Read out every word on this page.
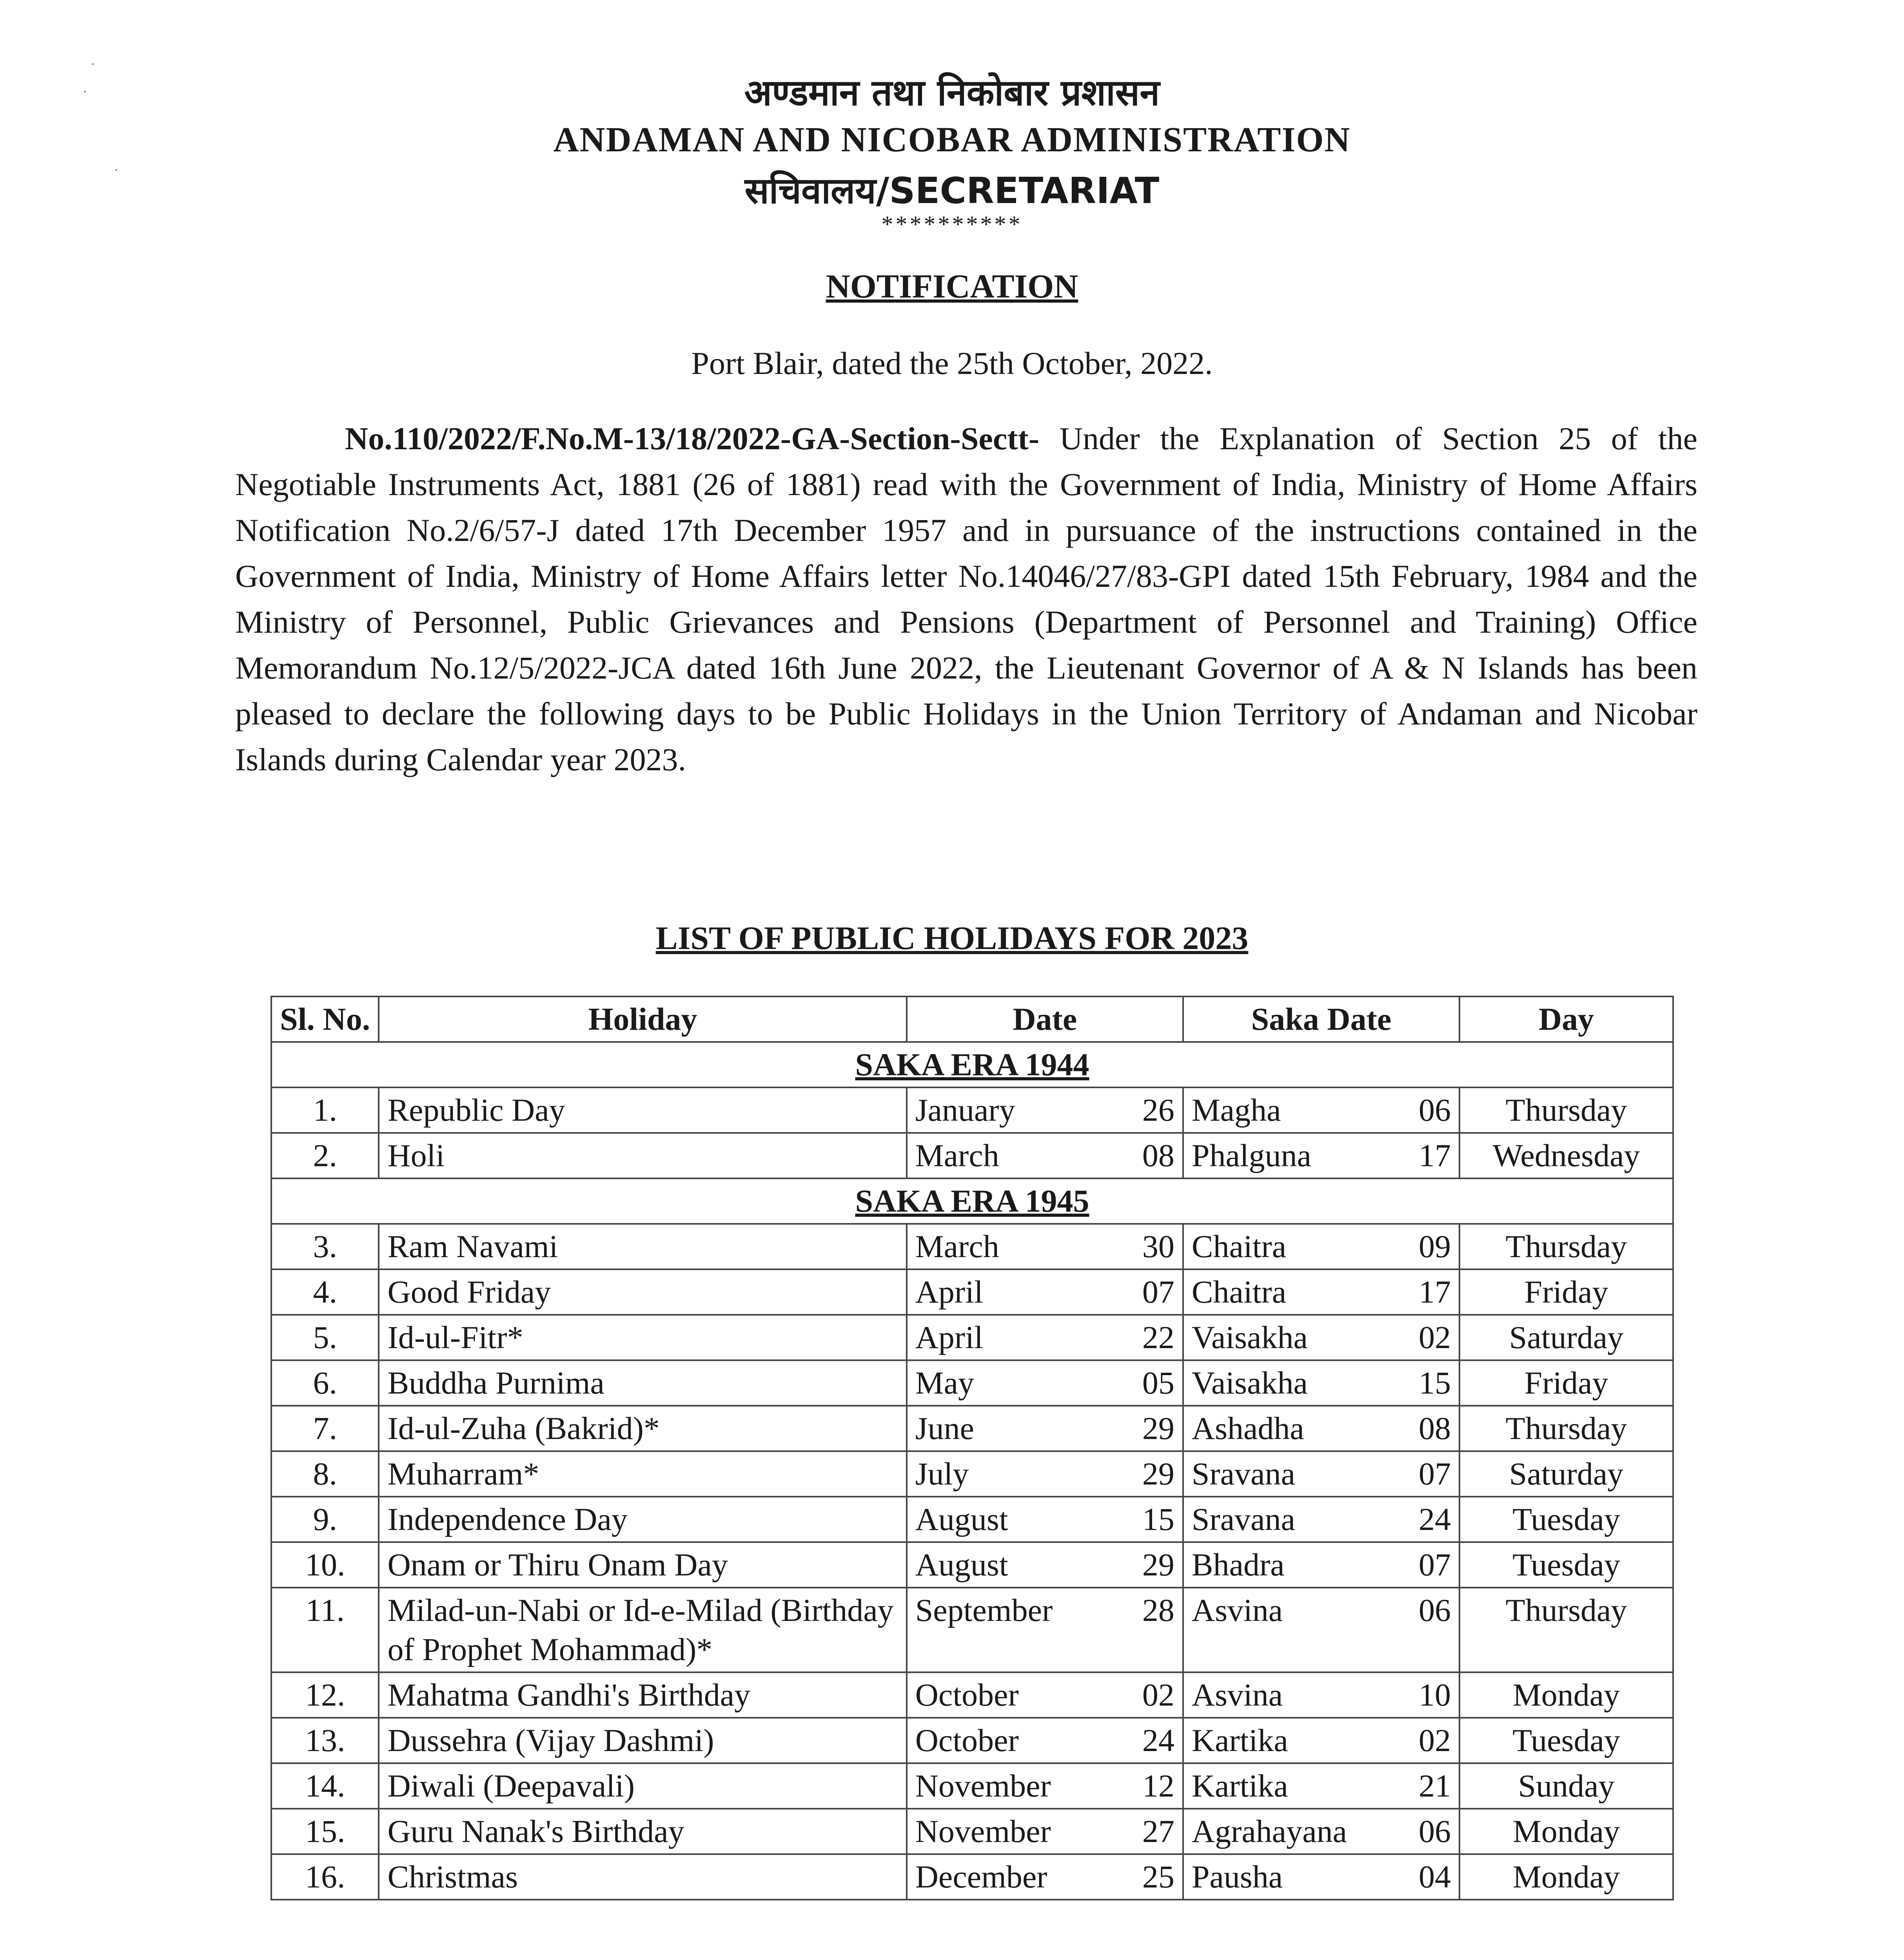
·
·
·
अण्डमान तथा निकोबार प्रशासन
ANDAMAN AND NICOBAR ADMINISTRATION
सचिवालय/SECRETARIAT
**********
NOTIFICATION
Port Blair, dated the 25th October, 2022.
No.110/2022/F.No.M-13/18/2022-GA-Section-Sectt- Under the Explanation of Section 25 of the Negotiable Instruments Act, 1881 (26 of 1881) read with the Government of India, Ministry of Home Affairs Notification No.2/6/57-J dated 17th December 1957 and in pursuance of the instructions contained in the Government of India, Ministry of Home Affairs letter No.14046/27/83-GPI dated 15th February, 1984 and the Ministry of Personnel, Public Grievances and Pensions (Department of Personnel and Training) Office Memorandum No.12/5/2022-JCA dated 16th June 2022, the Lieutenant Governor of A & N Islands has been pleased to declare the following days to be Public Holidays in the Union Territory of Andaman and Nicobar Islands during Calendar year 2023.
LIST OF PUBLIC HOLIDAYS FOR 2023
Sl. No.	Holiday	Date	Saka Date	Day
SAKA ERA 1944				
1.	Republic Day	January 26	Magha 06	Thursday
2.	Holi	March 08	Phalguna 17	Wednesday
SAKA ERA 1945				
3.	Ram Navami	March 30	Chaitra 09	Thursday
4.	Good Friday	April 07	Chaitra 17	Friday
5.	Id-ul-Fitr*	April 22	Vaisakha 02	Saturday
6.	Buddha Purnima	May 05	Vaisakha 15	Friday
7.	Id-ul-Zuha (Bakrid)*	June 29	Ashadha 08	Thursday
8.	Muharram*	July 29	Sravana 07	Saturday
9.	Independence Day	August 15	Sravana 24	Tuesday
10.	Onam or Thiru Onam Day	August 29	Bhadra 07	Tuesday
11.	Milad-un-Nabi or Id-e-Milad (Birthday of Prophet Mohammad)*	September 28	Asvina 06	Thursday
12.	Mahatma Gandhi's Birthday	October 02	Asvina 10	Monday
13.	Dussehra (Vijay Dashmi)	October 24	Kartika 02	Tuesday
14.	Diwali (Deepavali)	November 12	Kartika 21	Sunday
15.	Guru Nanak's Birthday	November 27	Agrahayana 06	Monday
16.	Christmas	December 25	Pausha 04	Monday
